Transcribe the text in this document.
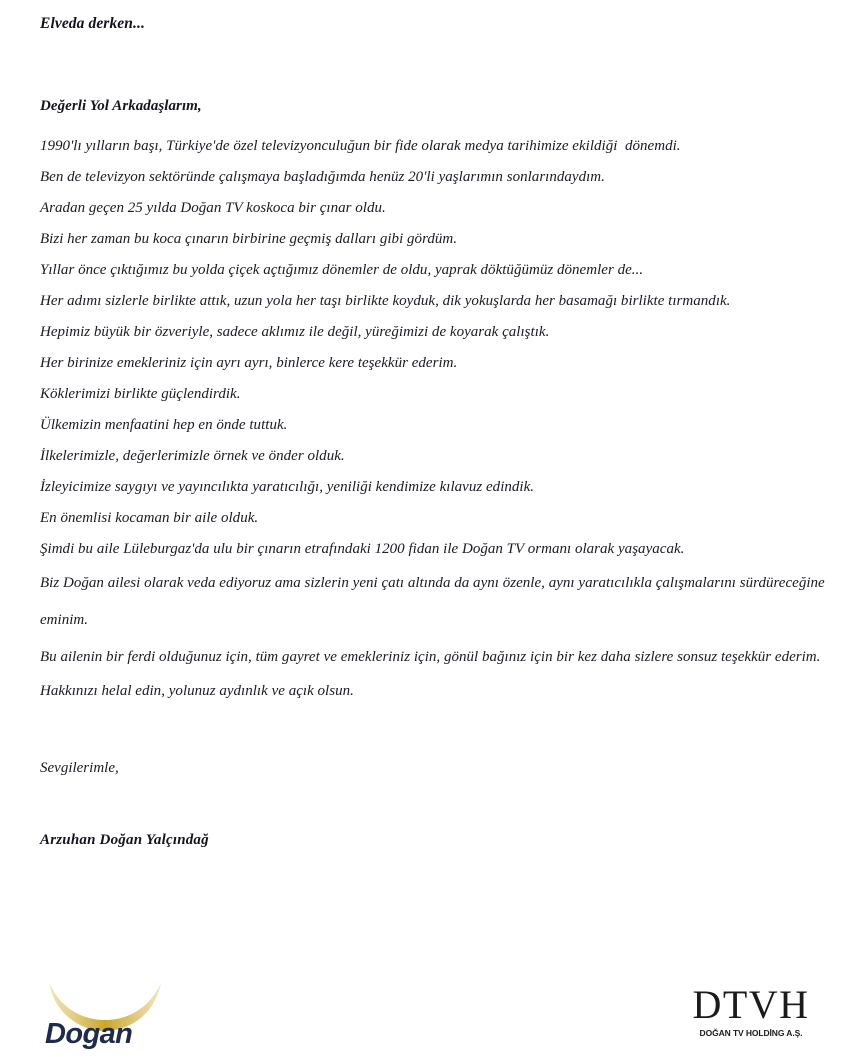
Elveda derken...

Değerli Yol Arkadaşlarım,

1990'lı yılların başı, Türkiye'de özel televizyonculuğun bir fide olarak medya tarihimize ekildiği  dönemdi.

Ben de televizyon sektöründe çalışmaya başladığımda henüz 20'li yaşlarımın sonlarındaydım.

Aradan geçen 25 yılda Doğan TV koskoca bir çınar oldu.

Bizi her zaman bu koca çınarın birbirine geçmiş dalları gibi gördüm.

Yıllar önce çıktığımız bu yolda çiçek açtığımız dönemler de oldu, yaprak döktüğümüz dönemler de...

Her adımı sizlerle birlikte attık, uzun yola her taşı birlikte koyduk, dik yokuşlarda her basamağı birlikte tırmandık.

Hepimiz büyük bir özveriyle, sadece aklımız ile değil, yüreğimizi de koyarak çalıştık.

Her birinize emekleriniz için ayrı ayrı, binlerce kere teşekkür ederim.

Köklerimizi birlikte güçlendirdik.

Ülkemizin menfaatini hep en önde tuttuk.

İlkelerimizle, değerlerimizle örnek ve önder olduk.

İzleyicimize saygıyı ve yayıncılıkta yaratıcılığı, yeniliği kendimize kılavuz edindik.

En önemlisi kocaman bir aile olduk.

Şimdi bu aile Lüleburgaz'da ulu bir çınarın etrafındaki 1200 fidan ile Doğan TV ormanı olarak yaşayacak.

Biz Doğan ailesi olarak veda ediyoruz ama sizlerin yeni çatı altında da aynı özenle, aynı yaratıcılıkla çalışmalarını sürdüreceğine eminim.

Bu ailenin bir ferdi olduğunuz için, tüm gayret ve emekleriniz için, gönül bağınız için bir kez daha sizlere sonsuz teşekkür ederim.

Hakkınızı helal edin, yolunuz aydınlık ve açık olsun.

Sevgilerimle,

Arzuhan Doğan Yalçındağ

Dogan
DTVH
DOĞAN TV HOLDİNG A.Ş.
